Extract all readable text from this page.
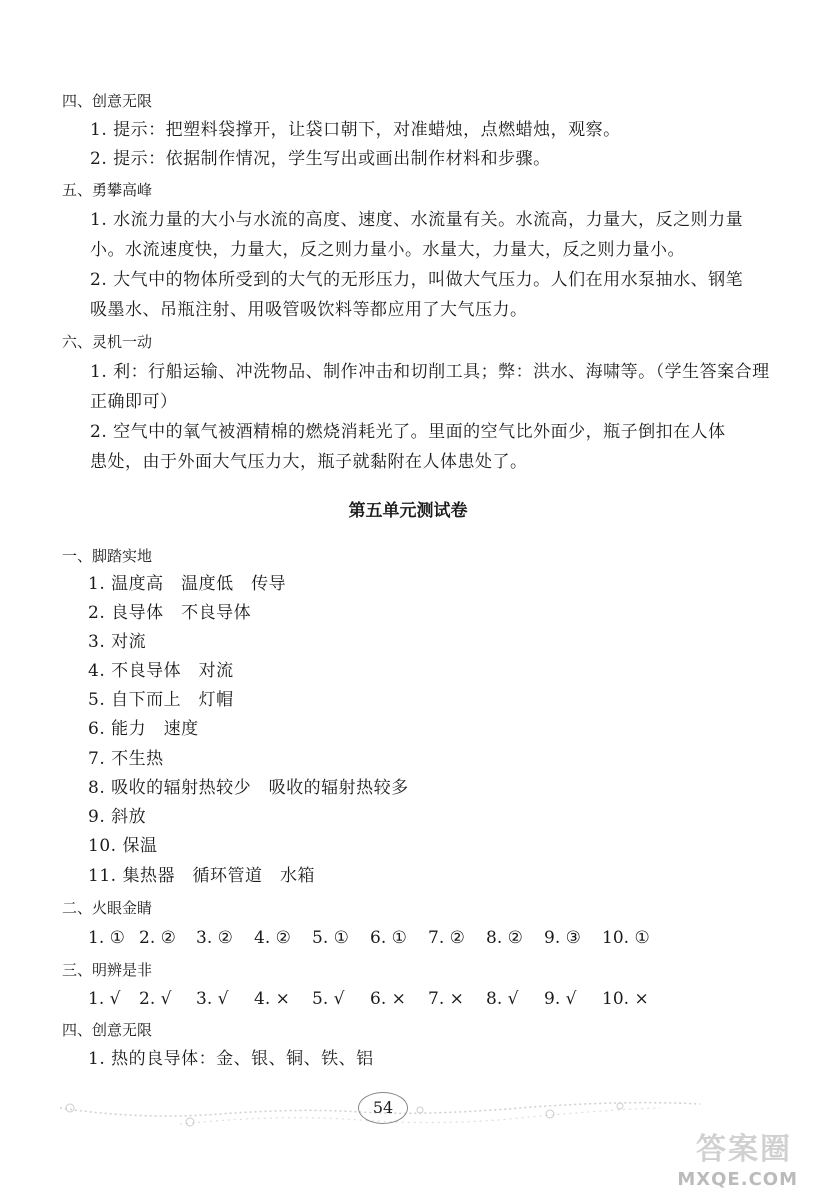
四、创意无限
1. 提示：把塑料袋撑开，让袋口朝下，对准蜡烛，点燃蜡烛，观察。
2. 提示：依据制作情况，学生写出或画出制作材料和步骤。
五、勇攀高峰
1. 水流力量的大小与水流的高度、速度、水流量有关。水流高，力量大，反之则力量
小。水流速度快，力量大，反之则力量小。水量大，力量大，反之则力量小。
2. 大气中的物体所受到的大气的无形压力，叫做大气压力。人们在用水泵抽水、钢笔
吸墨水、吊瓶注射、用吸管吸饮料等都应用了大气压力。
六、灵机一动
1. 利：行船运输、冲洗物品、制作冲击和切削工具；弊：洪水、海啸等。（学生答案合理
正确即可）
2. 空气中的氧气被酒精棉的燃烧消耗光了。里面的空气比外面少，瓶子倒扣在人体
患处，由于外面大气压力大，瓶子就黏附在人体患处了。
第五单元测试卷
一、脚踏实地
1. 温度高　温度低　传导
2. 良导体　不良导体
3. 对流
4. 不良导体　对流
5. 自下而上　灯帽
6. 能力　速度
7. 不生热
8. 吸收的辐射热较少　吸收的辐射热较多
9. 斜放
10. 保温
11. 集热器　循环管道　水箱
二、火眼金睛
1. ① 2. ② 3. ② 4. ② 5. ① 6. ① 7. ② 8. ② 9. ③ 10. ①
三、明辨是非
1. √ 2. √ 3. √ 4. × 5. √ 6. × 7. × 8. √ 9. √ 10. ×
四、创意无限
1. 热的良导体：金、银、铜、铁、铝
54
答案圈
MXQE.COM
